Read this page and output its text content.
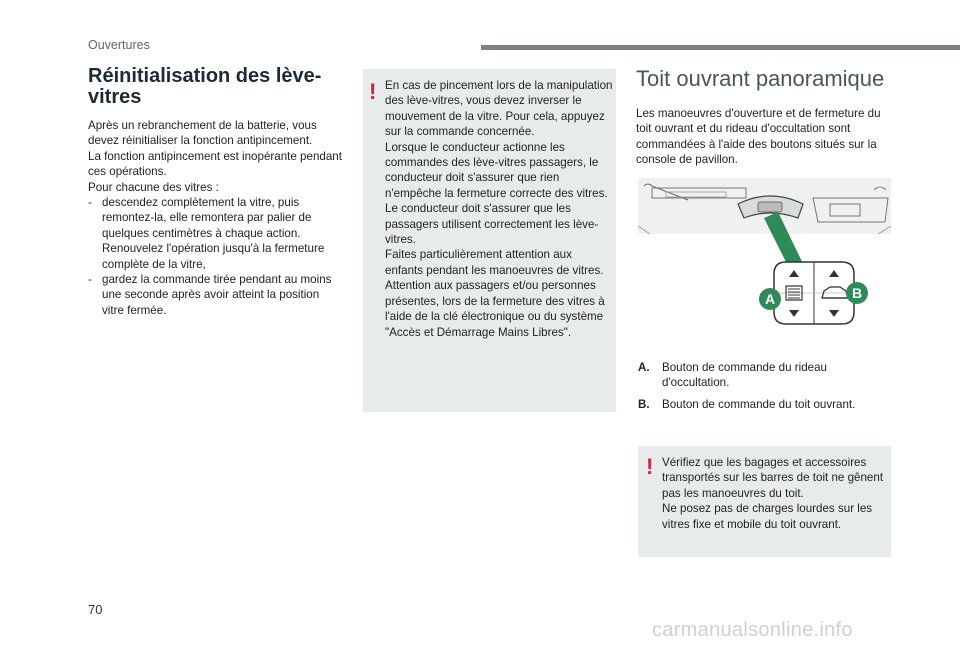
Ouvertures
Réinitialisation des lève-vitres

Après un rebranchement de la batterie, vous devez réinitialiser la fonction antipincement.

La fonction antipincement est inopérante pendant ces opérations.

Pour chacune des vitres :

- descendez complètement la vitre, puis remontez-la, elle remontera par palier de quelques centimètres à chaque action. Renouvelez l'opération jusqu'à la fermeture complète de la vitre,
- gardez la commande tirée pendant au moins une seconde après avoir atteint la position vitre fermée.
! En cas de pincement lors de la manipulation des lève-vitres, vous devez inverser le mouvement de la vitre. Pour cela, appuyez sur la commande concernée.

Lorsque le conducteur actionne les commandes des lève-vitres passagers, le conducteur doit s'assurer que rien n'empêche la fermeture correcte des vitres.

Le conducteur doit s'assurer que les passagers utilisent correctement les lève-vitres.

Faites particulièrement attention aux enfants pendant les manoeuvres de vitres.

Attention aux passagers et/ou personnes présentes, lors de la fermeture des vitres à l'aide de la clé électronique ou du système "Accès et Démarrage Mains Libres".

Toit ouvrant panoramique

Les manoeuvres d'ouverture et de fermeture du toit ouvrant et du rideau d'occultation sont commandées à l'aide des boutons situés sur la console de pavillon.

A	B
A.	Bouton de commande du rideau d'occultation.
B.	Bouton de commande du toit ouvrant.
! Vérifiez que les bagages et accessoires transportés sur les barres de toit ne gênent pas les manoeuvres du toit.

Ne posez pas de charges lourdes sur les vitres fixe et mobile du toit ouvrant.

70
carmanualsonline.info
